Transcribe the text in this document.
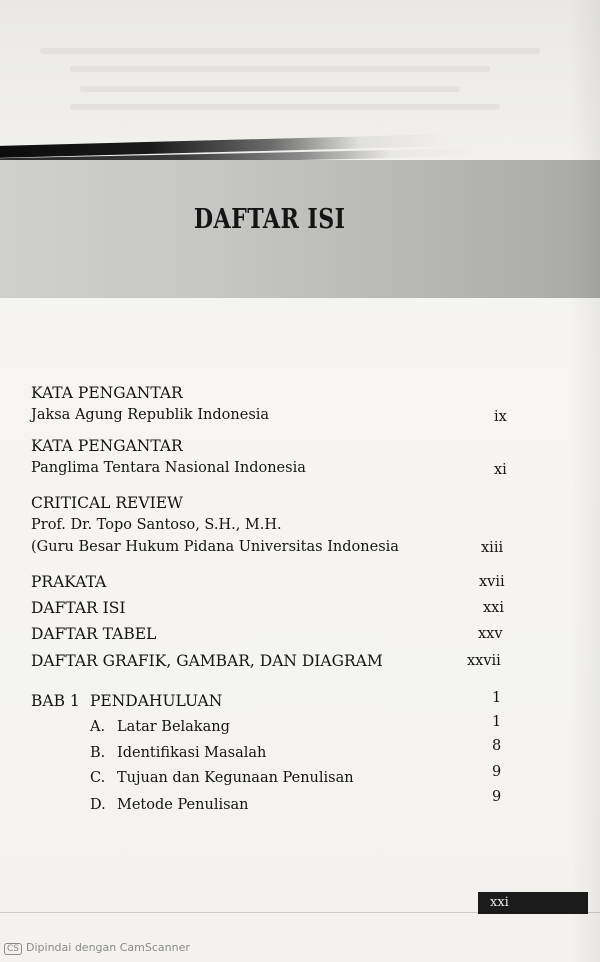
DAFTAR ISI
KATA PENGANTAR
Jaksa Agung Republik Indonesia	ix
KATA PENGANTAR
Panglima Tentara Nasional Indonesia	xi
CRITICAL REVIEW
Prof. Dr. Topo Santoso, S.H., M.H.
(Guru Besar Hukum Pidana Universitas Indonesia	xiii
PRAKATA	xvii
DAFTAR ISI	xxi
DAFTAR TABEL	xxv
DAFTAR GRAFIK, GAMBAR, DAN DIAGRAM	xxvii
BAB 1 PENDAHULUAN	1
A. Latar Belakang	1
B. Identifikasi Masalah	8
C. Tujuan dan Kegunaan Penulisan	9
D. Metode Penulisan	9
xxi
CS Dipindai dengan CamScanner
